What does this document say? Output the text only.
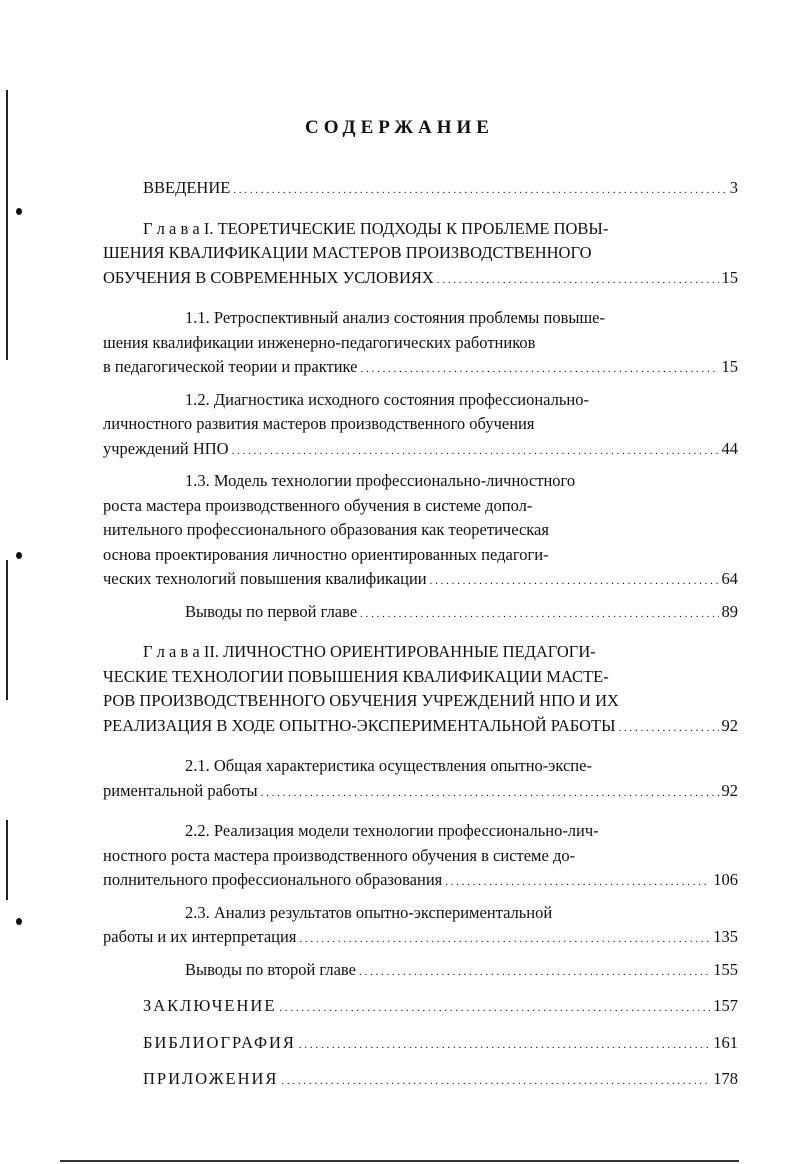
СОДЕРЖАНИЕ
ВВЕДЕНИЕ . . .	3
Г л а в а I. ТЕОРЕТИЧЕСКИЕ ПОДХОДЫ К ПРОБЛЕМЕ ПОВЫ-
ШЕНИЯ КВАЛИФИКАЦИИ МАСТЕРОВ ПРОИЗВОДСТВЕННОГО
ОБУЧЕНИЯ В СОВРЕМЕННЫХ УСЛОВИЯХ . . .	15
1.1. Ретроспективный анализ состояния проблемы повыше-
шения квалификации инженерно-педагогических работников
в педагогической теории и практике . . .	15
1.2. Диагностика исходного состояния профессионально-
личностного развития мастеров производственного обучения
учреждений НПО . . .	44
1.3. Модель технологии профессионально-личностного
роста мастера производственного обучения в системе допол-
нительного профессионального образования как теоретическая
основа проектирования личностно ориентированных педагоги-
ческих технологий повышения квалификации . . .	64
Выводы по первой главе . . .	89
Г л а в а II. ЛИЧНОСТНО ОРИЕНТИРОВАННЫЕ ПЕДАГОГИ-
ЧЕСКИЕ ТЕХНОЛОГИИ ПОВЫШЕНИЯ КВАЛИФИКАЦИИ МАСТЕ-
РОВ ПРОИЗВОДСТВЕННОГО ОБУЧЕНИЯ УЧРЕЖДЕНИЙ НПО И ИХ
РЕАЛИЗАЦИЯ В ХОДЕ ОПЫТНО-ЭКСПЕРИМЕНТАЛЬНОЙ РАБОТЫ . . .	92
2.1. Общая характеристика осуществления опытно-экспе-
риментальной работы . . .	92
2.2. Реализация модели технологии профессионально-лич-
ностного роста мастера производственного обучения в системе до-
полнительного профессионального образования . . .	106
2.3. Анализ результатов опытно-экспериментальной
работы и их интерпретация . . .	135
Выводы по второй главе . . .	155
ЗАКЛЮЧЕНИЕ . . .	157
БИБЛИОГРАФИЯ . . .	161
ПРИЛОЖЕНИЯ . . .	178
